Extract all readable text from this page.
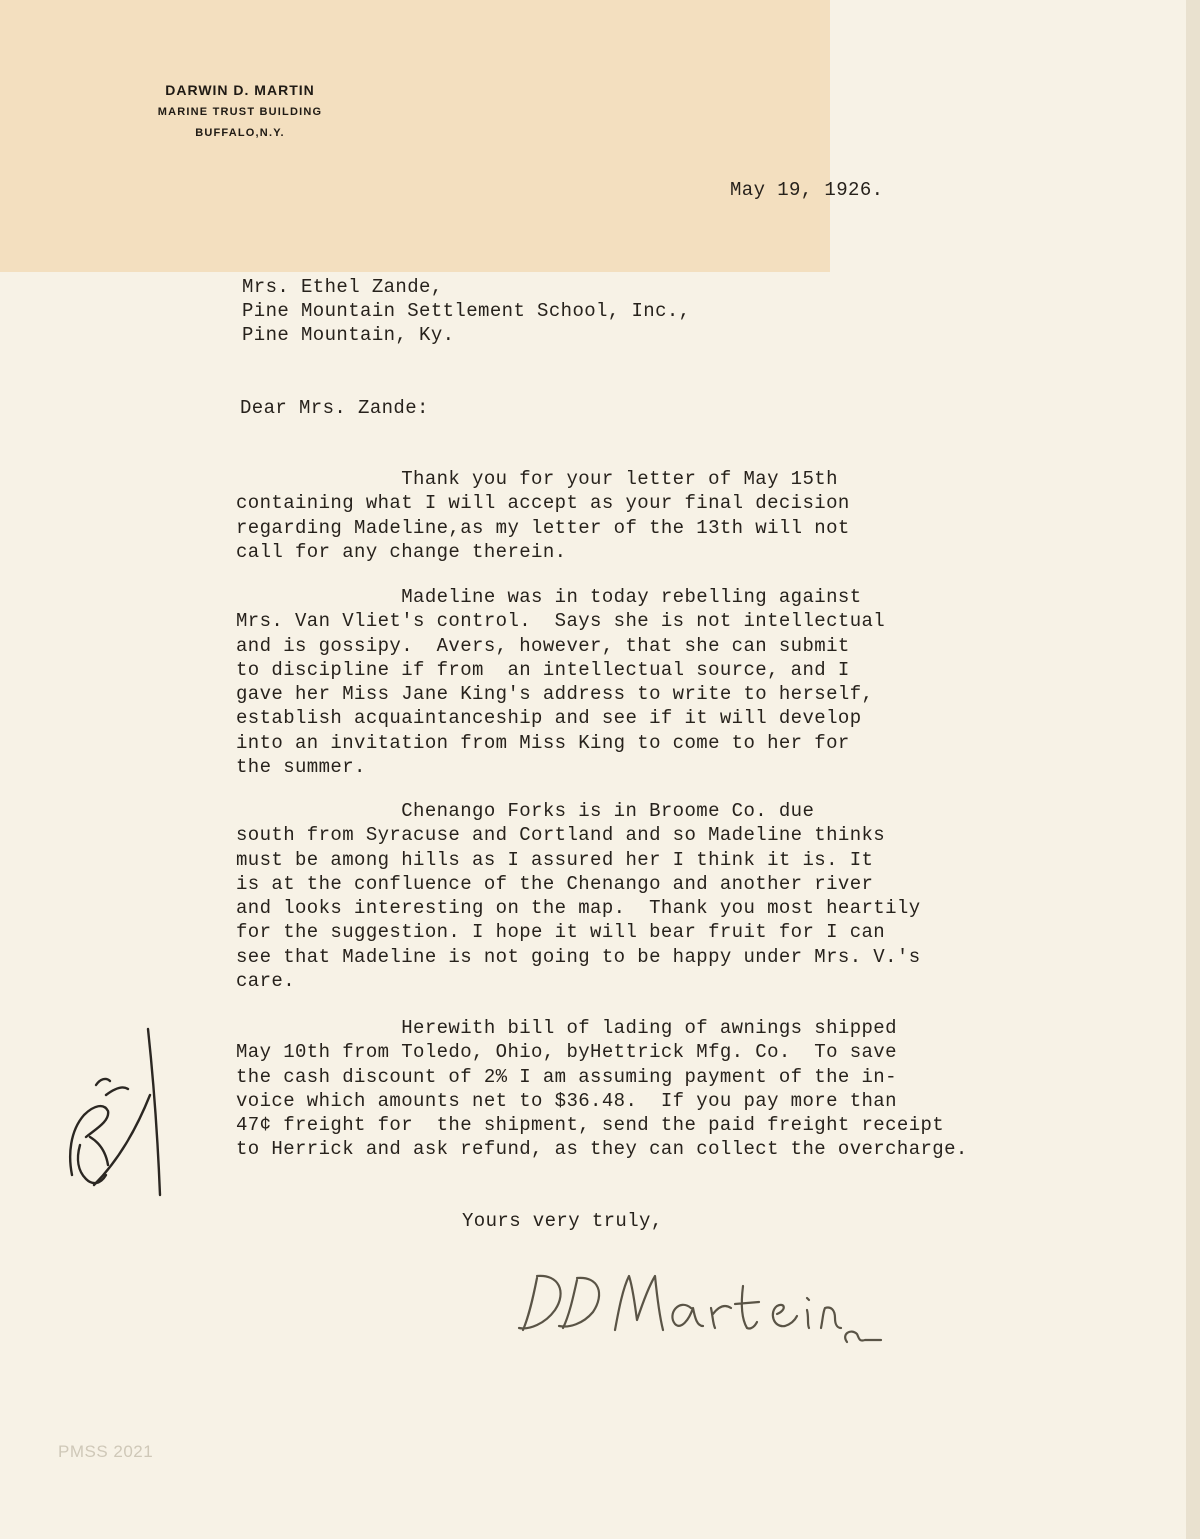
DARWIN D. MARTIN
MARINE TRUST BUILDING
BUFFALO,N.Y.
May 19, 1926.
Mrs. Ethel Zande,
Pine Mountain Settlement School, Inc.,
Pine Mountain, Ky.
Dear Mrs. Zande:
Thank you for your letter of May 15th
containing what I will accept as your final decision
regarding Madeline,as my letter of the 13th will not
call for any change therein.
Madeline was in today rebelling against
Mrs. Van Vliet's control.  Says she is not intellectual
and is gossipy.  Avers, however, that she can submit
to discipline if from  an intellectual source, and I
gave her Miss Jane King's address to write to herself,
establish acquaintanceship and see if it will develop
into an invitation from Miss King to come to her for
the summer.
Chenango Forks is in Broome Co. due
south from Syracuse and Cortland and so Madeline thinks
must be among hills as I assured her I think it is. It
is at the confluence of the Chenango and another river
and looks interesting on the map.  Thank you most heartily
for the suggestion. I hope it will bear fruit for I can
see that Madeline is not going to be happy under Mrs. V.'s
care.
Herewith bill of lading of awnings shipped
May 10th from Toledo, Ohio, byHettrick Mfg. Co.  To save
the cash discount of 2% I am assuming payment of the in-
voice which amounts net to $36.48.  If you pay more than
47¢ freight for  the shipment, send the paid freight receipt
to Herrick and ask refund, as they can collect the overcharge.
Yours very truly,
PMSS 2021
